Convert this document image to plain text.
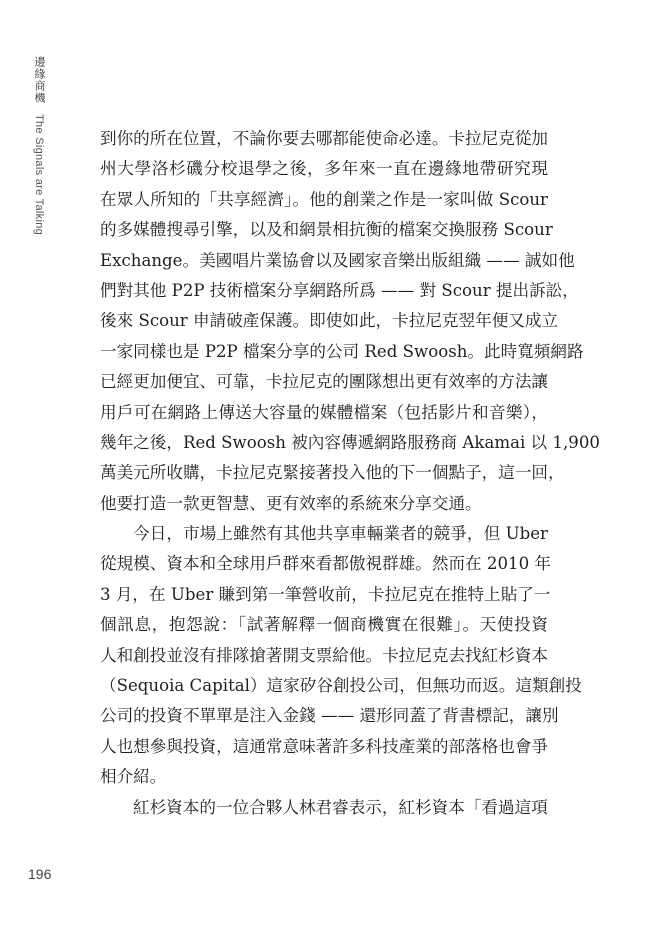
邊緣商機
The Signals are Talking	到你的所在位置，不論你要去哪都能使命必達。卡拉尼克從加
州大學洛杉磯分校退學之後，多年來一直在邊緣地帶研究現
在眾人所知的「共享經濟」。他的創業之作是一家叫做 Scour
的多媒體搜尋引擎，以及和網景相抗衡的檔案交換服務 Scour
Exchange。美國唱片業協會以及國家音樂出版組織 —— 誠如他
們對其他 P2P 技術檔案分享網路所爲 —— 對 Scour 提出訴訟，
後來 Scour 申請破產保護。即使如此，卡拉尼克翌年便又成立
一家同樣也是 P2P 檔案分享的公司 Red Swoosh。此時寬頻網路
已經更加便宜、可靠，卡拉尼克的團隊想出更有效率的方法讓
用戶可在網路上傳送大容量的媒體檔案（包括影片和音樂），
幾年之後，Red Swoosh 被內容傳遞網路服務商 Akamai 以 1,900
萬美元所收購，卡拉尼克緊接著投入他的下一個點子，這一回，
他要打造一款更智慧、更有效率的系統來分享交通。
今日，市場上雖然有其他共享車輛業者的競爭，但 Uber
從規模、資本和全球用戶群來看都傲視群雄。然而在 2010 年
3 月，在 Uber 賺到第一筆營收前，卡拉尼克在推特上貼了一
個訊息，抱怨說：「試著解釋一個商機實在很難」。天使投資
人和創投並沒有排隊搶著開支票給他。卡拉尼克去找紅杉資本
（Sequoia Capital）這家矽谷創投公司，但無功而返。這類創投
公司的投資不單單是注入金錢 —— 還形同蓋了背書標記，讓別
人也想參與投資，這通常意味著許多科技產業的部落格也會爭
相介紹。
紅杉資本的一位合夥人林君睿表示，紅杉資本「看過這項
196
